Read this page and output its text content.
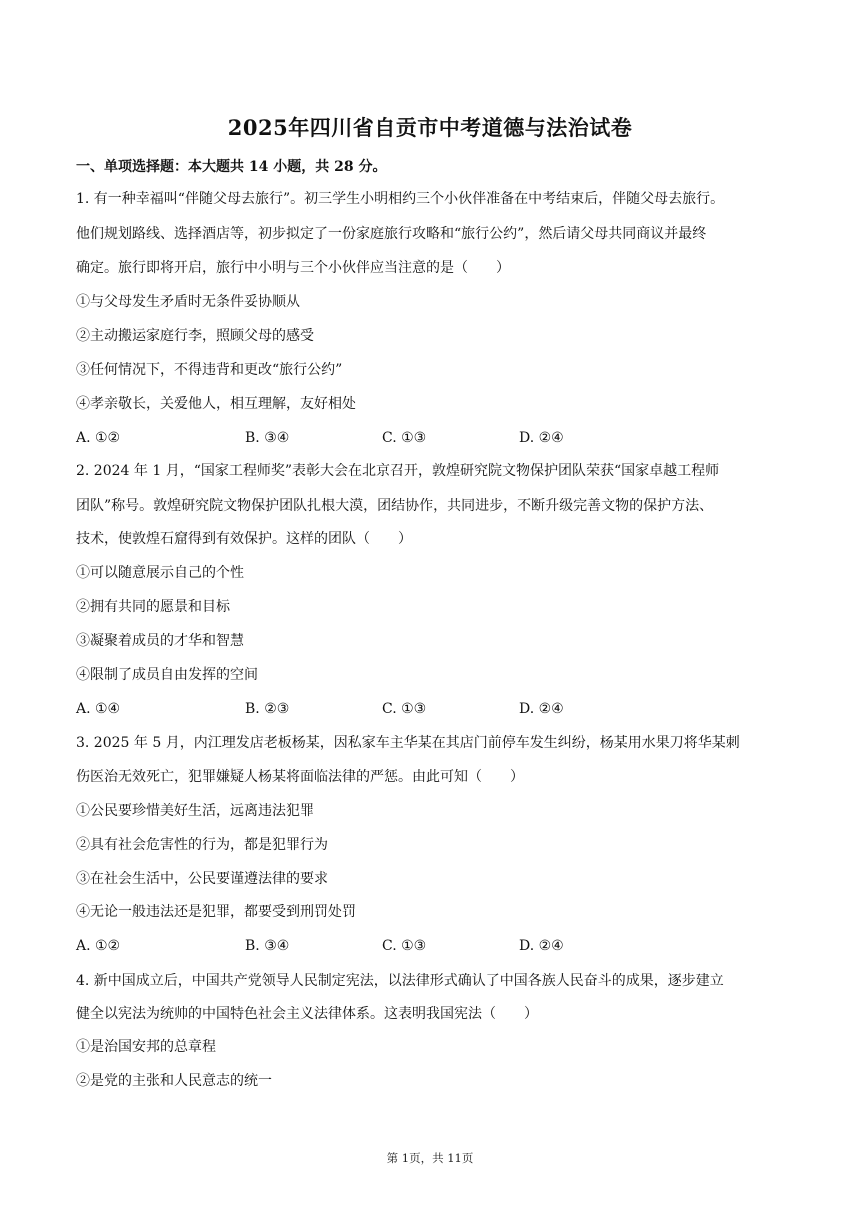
2025年四川省自贡市中考道德与法治试卷
一、单项选择题：本大题共 14 小题，共 28 分。
1. 有一种幸福叫“伴随父母去旅行”。初三学生小明相约三个小伙伴准备在中考结束后，伴随父母去旅行。
他们规划路线、选择酒店等，初步拟定了一份家庭旅行攻略和“旅行公约”，然后请父母共同商议并最终
确定。旅行即将开启，旅行中小明与三个小伙伴应当注意的是（　　）
①与父母发生矛盾时无条件妥协顺从
②主动搬运家庭行李，照顾父母的感受
③任何情况下，不得违背和更改“旅行公约”
④孝亲敬长，关爱他人，相互理解，友好相处
A. ①②	B. ③④	C. ①③	D. ②④
2. 2024 年 1 月，“国家工程师奖”表彰大会在北京召开，敦煌研究院文物保护团队荣获“国家卓越工程师
团队”称号。敦煌研究院文物保护团队扎根大漠，团结协作，共同进步，不断升级完善文物的保护方法、
技术，使敦煌石窟得到有效保护。这样的团队（　　）
①可以随意展示自己的个性
②拥有共同的愿景和目标
③凝聚着成员的才华和智慧
④限制了成员自由发挥的空间
A. ①④	B. ②③	C. ①③	D. ②④
3. 2025 年 5 月，内江理发店老板杨某，因私家车主华某在其店门前停车发生纠纷，杨某用水果刀将华某刺
伤医治无效死亡，犯罪嫌疑人杨某将面临法律的严惩。由此可知（　　）
①公民要珍惜美好生活，远离违法犯罪
②具有社会危害性的行为，都是犯罪行为
③在社会生活中，公民要谨遵法律的要求
④无论一般违法还是犯罪，都要受到刑罚处罚
A. ①②	B. ③④	C. ①③	D. ②④
4. 新中国成立后，中国共产党领导人民制定宪法，以法律形式确认了中国各族人民奋斗的成果，逐步建立
健全以宪法为统帅的中国特色社会主义法律体系。这表明我国宪法（　　）
①是治国安邦的总章程
②是党的主张和人民意志的统一
第 1页，共 11页
